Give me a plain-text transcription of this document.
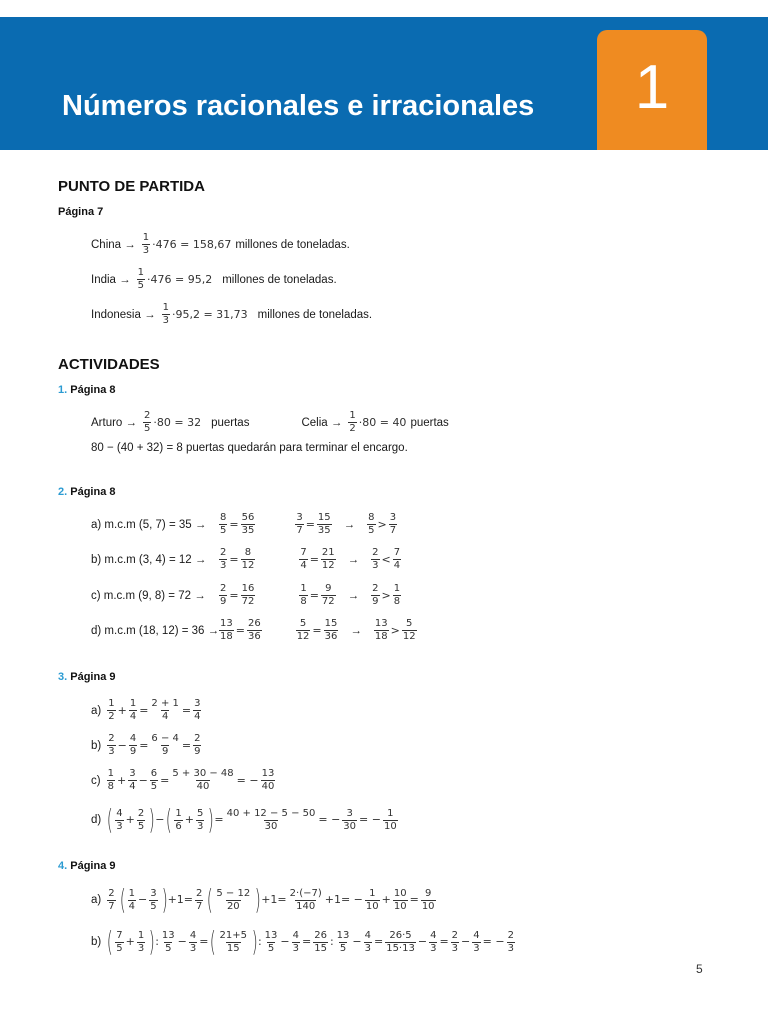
Números racionales e irracionales	1
PUNTO DE PARTIDA

Página 7

China → $\frac{1}{3} \cdot 476 = 158,67$ millones de toneladas.
India → $\frac{1}{5} \cdot 476 = 95,2$ millones de toneladas.
Indonesia → $\frac{1}{3} \cdot 95,2 = 31,73$ millones de toneladas.
ACTIVIDADES

1. Página 8

Arturo → $\frac{2}{5} \cdot 80 = 32$ puertas	Celia → $\frac{1}{2} \cdot 80 = 40$ puertas
80 − (40 + 32) = 8 puertas quedarán para terminar el encargo.

2. Página 8

a) m.c.m (5, 7) = 35 →	$\frac{8}{5} = \frac{56}{35}$	$\frac{3}{7} = \frac{15}{35} \to \frac{8}{5} > \frac{3}{7}$
b) m.c.m (3, 4) = 12 →	$\frac{2}{3} = \frac{8}{12}$	$\frac{7}{4} = \frac{21}{12} \to \frac{2}{3} < \frac{7}{4}$
c) m.c.m (9, 8) = 72 →	$\frac{2}{9} = \frac{16}{72}$	$\frac{1}{8} = \frac{9}{72} \to \frac{2}{9} > \frac{1}{8}$
d) m.c.m (18, $12) = 36 \to \frac{13}{18} = \frac{26}{36}$	$\frac{5}{12} = \frac{15}{36} \to \frac{13}{18} > \frac{5}{12}$

3. Página 9

$a) \frac{1}{2} + \frac{1}{4} = \frac{2 + 1}{4} = \frac{3}{4}$
$b) \frac{2}{3} - \frac{4}{9} = \frac{6 - 4}{9} = \frac{2}{9}$
$c) \frac{1}{8} + \frac{3}{4} - \frac{6}{5} = \frac{5 + 30 - 48}{40}$ = − $\frac{13}{40}$
d) ( $\frac{4}{3} + \frac{2}{5}$ ) − ( $\frac{1}{6} + \frac{5}{3}$ ) = $\frac{40 + 12 - 5 - 50}{30}$ = − $\frac{3}{30}$ = − $\frac{1}{10}$

4. Página 9

$a) \frac{2}{7}$ ( $\frac{1}{4} - \frac{3}{5}$ ) $+1= \frac{2}{7}$ ( $\frac{5 - 12}{20}$ ) $+1= \frac{2\cdot(-7)}{140} +1= - \frac{1}{10} + \frac{10}{10} = \frac{9}{10}$
b) ( $\frac{7}{5} + \frac{1}{3}$ ) : $\frac{13}{5} - \frac{4}{3}$ = ( $\frac{21+5}{15}$ ) : $\frac{13}{5} - \frac{4}{3} = \frac{26}{15}$ : $\frac{13}{5} - \frac{4}{3} = \frac{26\cdot 5}{15\cdot 13} - \frac{4}{3} = \frac{2}{3} - \frac{4}{3}$ = − $\frac{2}{3}$
5
